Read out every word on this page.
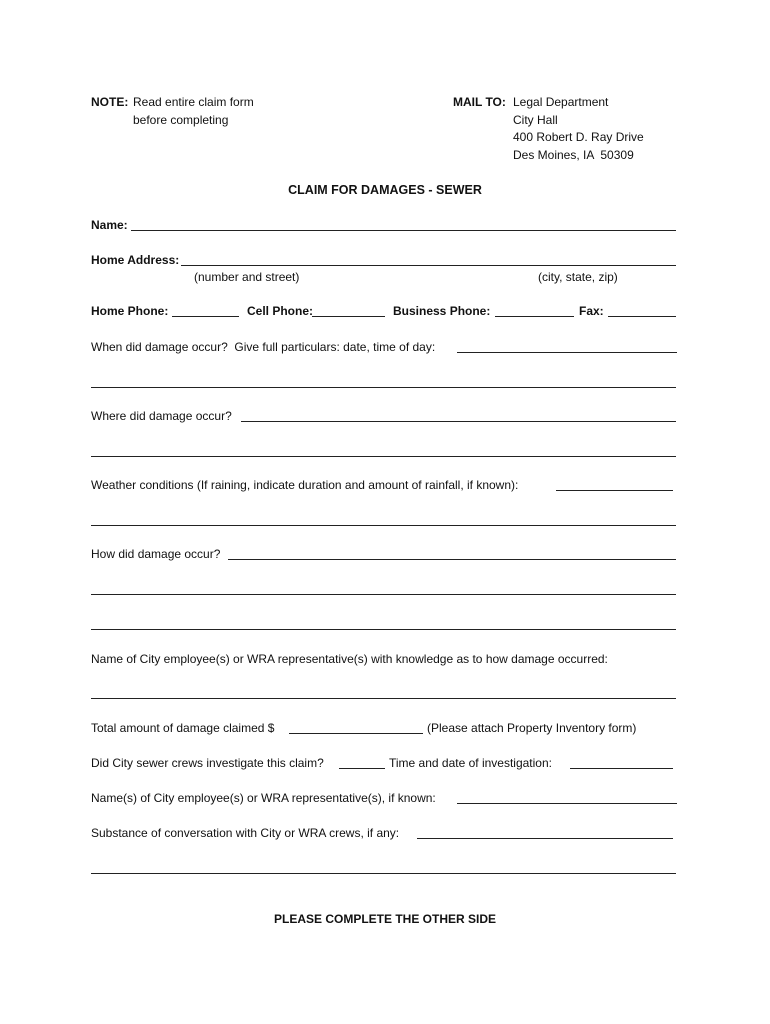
NOTE: Read entire claim form
before completing
MAIL TO: Legal Department
City Hall
400 Robert D. Ray Drive
Des Moines, IA  50309
CLAIM FOR DAMAGES - SEWER
Name:
Home Address:
(number and street)	(city, state, zip)
Home Phone:	Cell Phone:	Business Phone:	Fax:
When did damage occur?  Give full particulars: date, time of day:
Where did damage occur?
Weather conditions (If raining, indicate duration and amount of rainfall, if known):
How did damage occur?
Name of City employee(s) or WRA representative(s) with knowledge as to how damage occurred:
Total amount of damage claimed $	(Please attach Property Inventory form)
Did City sewer crews investigate this claim?	Time and date of investigation:
Name(s) of City employee(s) or WRA representative(s), if known:
Substance of conversation with City or WRA crews, if any:
PLEASE COMPLETE THE OTHER SIDE
